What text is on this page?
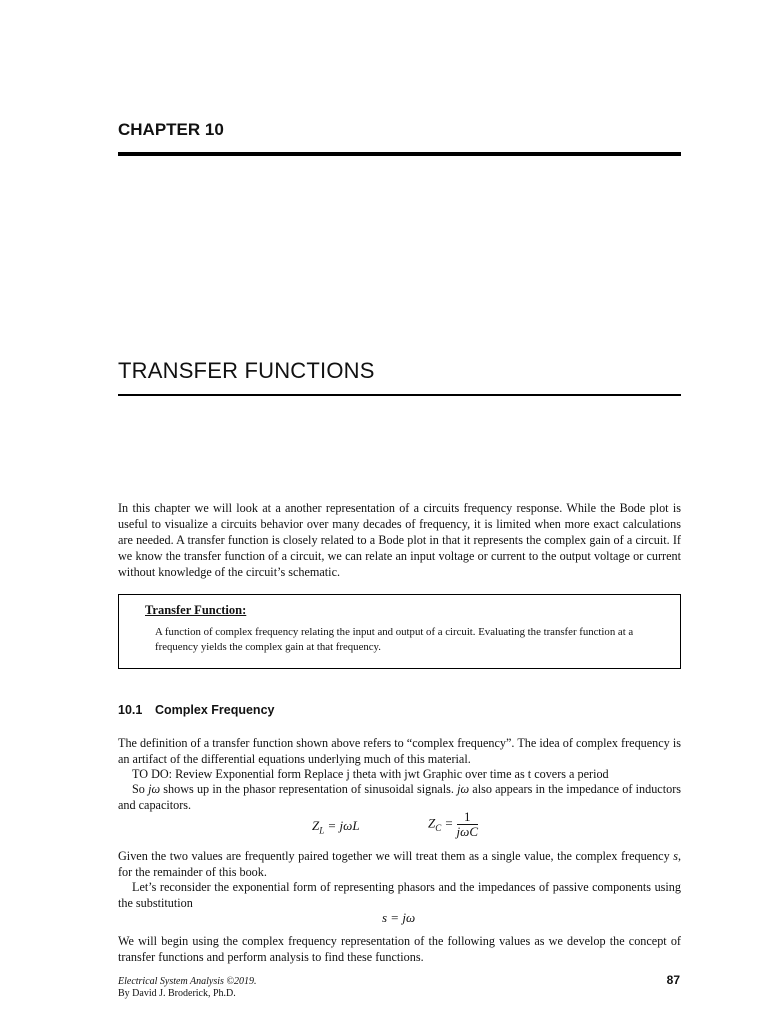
CHAPTER 10
TRANSFER FUNCTIONS
In this chapter we will look at a another representation of a circuits frequency response. While the Bode plot is useful to visualize a circuits behavior over many decades of frequency, it is limited when more exact calculations are needed. A transfer function is closely related to a Bode plot in that it represents the complex gain of a circuit. If we know the transfer function of a circuit, we can relate an input voltage or current to the output voltage or current without knowledge of the circuit’s schematic.
Transfer Function:
A function of complex frequency relating the input and output of a circuit. Evaluating the transfer function at a frequency yields the complex gain at that frequency.
10.1 Complex Frequency
The definition of a transfer function shown above refers to “complex frequency”. The idea of complex frequency is an artifact of the differential equations underlying much of this material.
TO DO: Review Exponential form Replace j theta with jwt Graphic over time as t covers a period
So jω shows up in the phasor representation of sinusoidal signals. jω also appears in the impedance of inductors and capacitors.
$Z_L = j\omega L$	$Z_C = \frac{1}{\text{jωC}}$
Given the two values are frequently paired together we will treat them as a single value, the complex frequency s, for the remainder of this book.
Let’s reconsider the exponential form of representing phasors and the impedances of passive components using the substitution
s = jω
We will begin using the complex frequency representation of the following values as we develop the concept of transfer functions and perform analysis to find these functions.
Electrical System Analysis ©2019.
By David J. Broderick, Ph.D.
87
